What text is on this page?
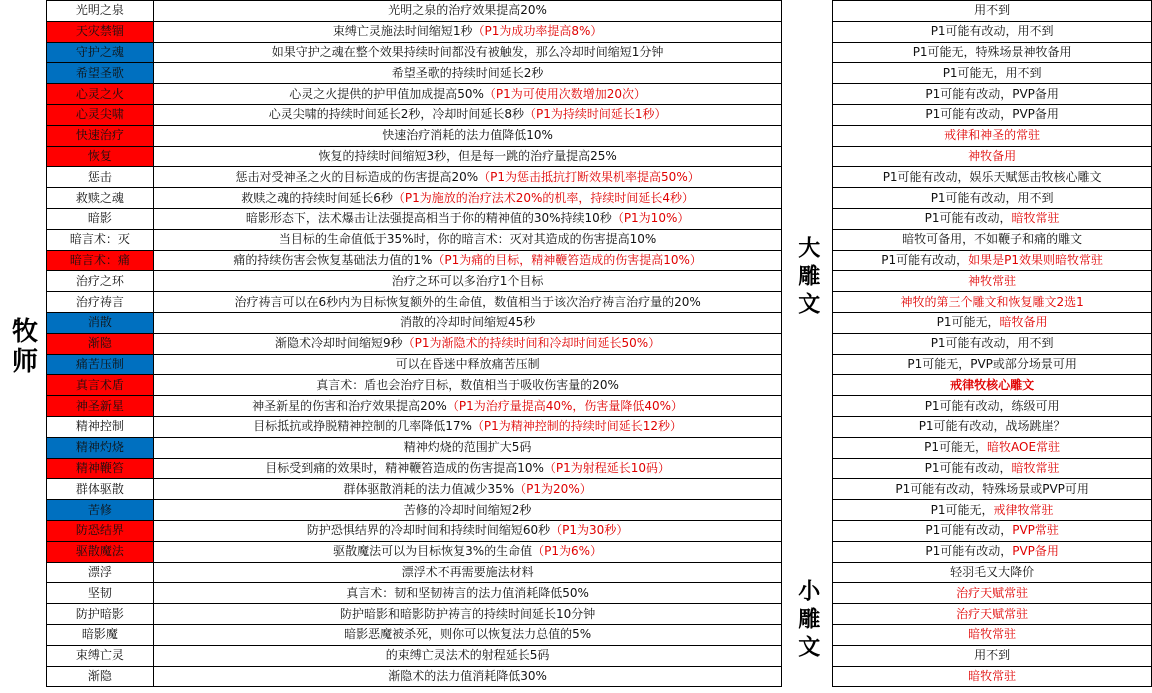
牧师
光明之泉	光明之泉的治疗效果提高20%	大雕文	用不到
天灾禁锢	束缚亡灵施法时间缩短1秒（P1为成功率提高8%）		P1可能有改动，用不到
守护之魂	如果守护之魂在整个效果持续时间都没有被触发，那么冷却时间缩短1分钟		P1可能无，特殊场景神牧备用
希望圣歌	希望圣歌的持续时间延长2秒		P1可能无，用不到
心灵之火	心灵之火提供的护甲值加成提高50%（P1为可使用次数增加20次）		P1可能有改动，PVP备用
心灵尖啸	心灵尖啸的持续时间延长2秒，冷却时间延长8秒（P1为持续时间延长1秒）		P1可能有改动，PVP备用
快速治疗	快速治疗消耗的法力值降低10%		戒律和神圣的常驻
恢复	恢复的持续时间缩短3秒，但是每一跳的治疗量提高25%		神牧备用
惩击	惩击对受神圣之火的目标造成的伤害提高20%（P1为惩击抵抗打断效果机率提高50%）		P1可能有改动，娱乐天赋惩击牧核心雕文
救赎之魂	救赎之魂的持续时间延长6秒（P1为施放的治疗法术20%的机率，持续时间延长4秒）		P1可能有改动，用不到
暗影	暗影形态下，法术爆击让法强提高相当于你的精神值的30%持续10秒（P1为10%）		P1可能有改动，暗牧常驻
暗言术：灭	当目标的生命值低于35%时，你的暗言术：灭对其造成的伤害提高10%		暗牧可备用，不如鞭子和痛的雕文
暗言术：痛	痛的持续伤害会恢复基础法力值的1%（P1为痛的目标，精神鞭笞造成的伤害提高10%）		P1可能有改动，如果是P1效果则暗牧常驻
治疗之环	治疗之环可以多治疗1个目标		神牧常驻
治疗祷言	治疗祷言可以在6秒内为目标恢复额外的生命值，数值相当于该次治疗祷言治疗量的20%		神牧的第三个雕文和恢复雕文2选1
消散	消散的冷却时间缩短45秒		P1可能无，暗牧备用
渐隐	渐隐术冷却时间缩短9秒（P1为渐隐术的持续时间和冷却时间延长50%）		P1可能有改动，用不到
痛苦压制	可以在昏迷中释放痛苦压制		P1可能无，PVP或部分场景可用
真言术盾	真言术：盾也会治疗目标，数值相当于吸收伤害量的20%		戒律牧核心雕文
神圣新星	神圣新星的伤害和治疗效果提高20%（P1为治疗量提高40%，伤害量降低40%）		P1可能有改动，练级可用
精神控制	目标抵抗或挣脱精神控制的几率降低17%（P1为精神控制的持续时间延长12秒）		P1可能有改动，战场跳崖？
精神灼烧	精神灼烧的范围扩大5码		P1可能无，暗牧AOE常驻
精神鞭笞	目标受到痛的效果时，精神鞭笞造成的伤害提高10%（P1为射程延长10码）		P1可能有改动，暗牧常驻
群体驱散	群体驱散消耗的法力值减少35%（P1为20%）		P1可能有改动，特殊场景或PVP可用
苦修	苦修的冷却时间缩短2秒		P1可能无，戒律牧常驻
防恐结界	防护恐惧结界的冷却时间和持续时间缩短60秒（P1为30秒）		P1可能有改动，PVP常驻
驱散魔法	驱散魔法可以为目标恢复3%的生命值（P1为6%）		P1可能有改动，PVP备用
漂浮	漂浮术不再需要施法材料	小雕文	轻羽毛又大降价
坚韧	真言术：韧和坚韧祷言的法力值消耗降低50%		治疗天赋常驻
防护暗影	防护暗影和暗影防护祷言的持续时间延长10分钟		治疗天赋常驻
暗影魔	暗影恶魔被杀死，则你可以恢复法力总值的5%		暗牧常驻
束缚亡灵	的束缚亡灵法术的射程延长5码		用不到
渐隐	渐隐术的法力值消耗降低30%		暗牧常驻
